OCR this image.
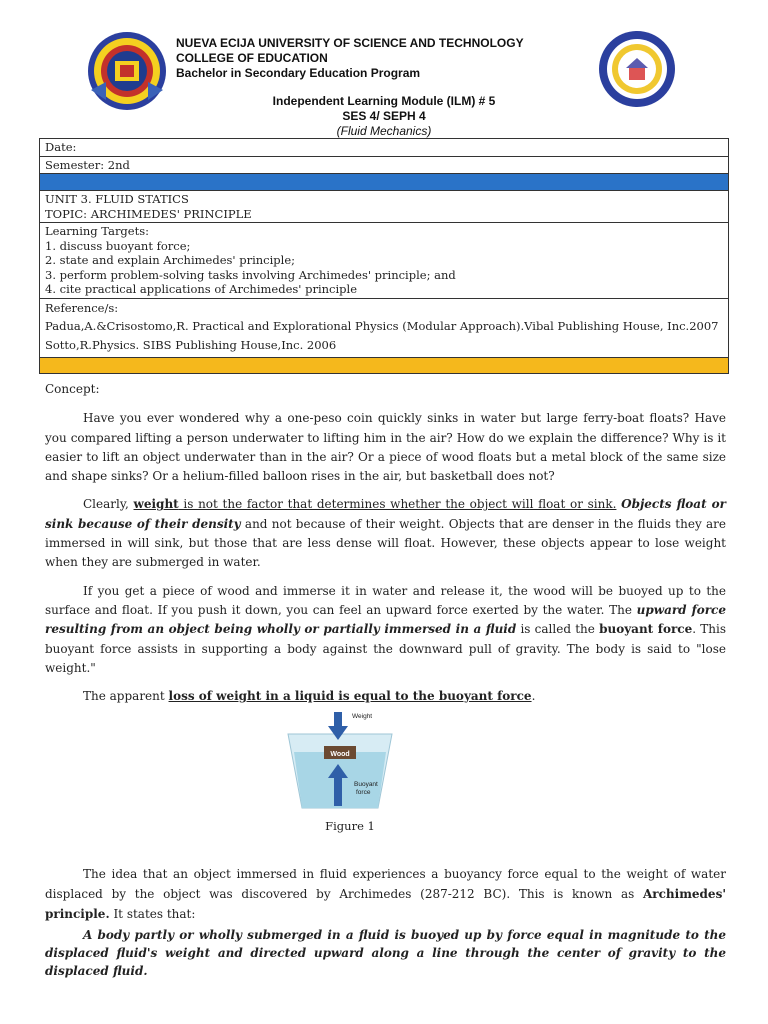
NUEVA ECIJA UNIVERSITY OF SCIENCE AND TECHNOLOGY
COLLEGE OF EDUCATION
Bachelor in Secondary Education Program
Independent Learning Module (ILM) # 5
SES 4/ SEPH 4
(Fluid Mechanics)
Date:
Semester: 2nd

UNIT 3. FLUID STATICS
TOPIC: ARCHIMEDES' PRINCIPLE

Learning Targets:
1. discuss buoyant force;
2. state and explain Archimedes' principle;
3. perform problem-solving tasks involving Archimedes' principle; and
4. cite practical applications of Archimedes' principle

Reference/s:
Padua,A.&Crisostomo,R. Practical and Explorational Physics (Modular Approach).Vibal Publishing House, Inc.2007
Sotto,R.Physics. SIBS Publishing House,Inc. 2006

Concept:

Have you ever wondered why a one-peso coin quickly sinks in water but large ferry-boat floats? Have you compared lifting a person underwater to lifting him in the air? How do we explain the difference? Why is it easier to lift an object underwater than in the air? Or a piece of wood floats but a metal block of the same size and shape sinks? Or a helium-filled balloon rises in the air, but basketball does not?

Clearly, weight is not the factor that determines whether the object will float or sink. Objects float or sink because of their density and not because of their weight. Objects that are denser in the fluids they are immersed in will sink, but those that are less dense will float. However, these objects appear to lose weight when they are submerged in water.

If you get a piece of wood and immerse it in water and release it, the wood will be buoyed up to the surface and float. If you push it down, you can feel an upward force exerted by the water. The upward force resulting from an object being wholly or partially immersed in a fluid is called the buoyant force. This buoyant force assists in supporting a body against the downward pull of gravity. The body is said to "lose weight."

The apparent loss of weight in a liquid is equal to the buoyant force.

Wood
Weight
Buoyant
force
Figure 1

The idea that an object immersed in fluid experiences a buoyancy force equal to the weight of water displaced by the object was discovered by Archimedes (287-212 BC). This is known as Archimedes' principle. It states that:

A body partly or wholly submerged in a fluid is buoyed up by force equal in magnitude to the displaced fluid's weight and directed upward along a line through the center of gravity to the displaced fluid.
